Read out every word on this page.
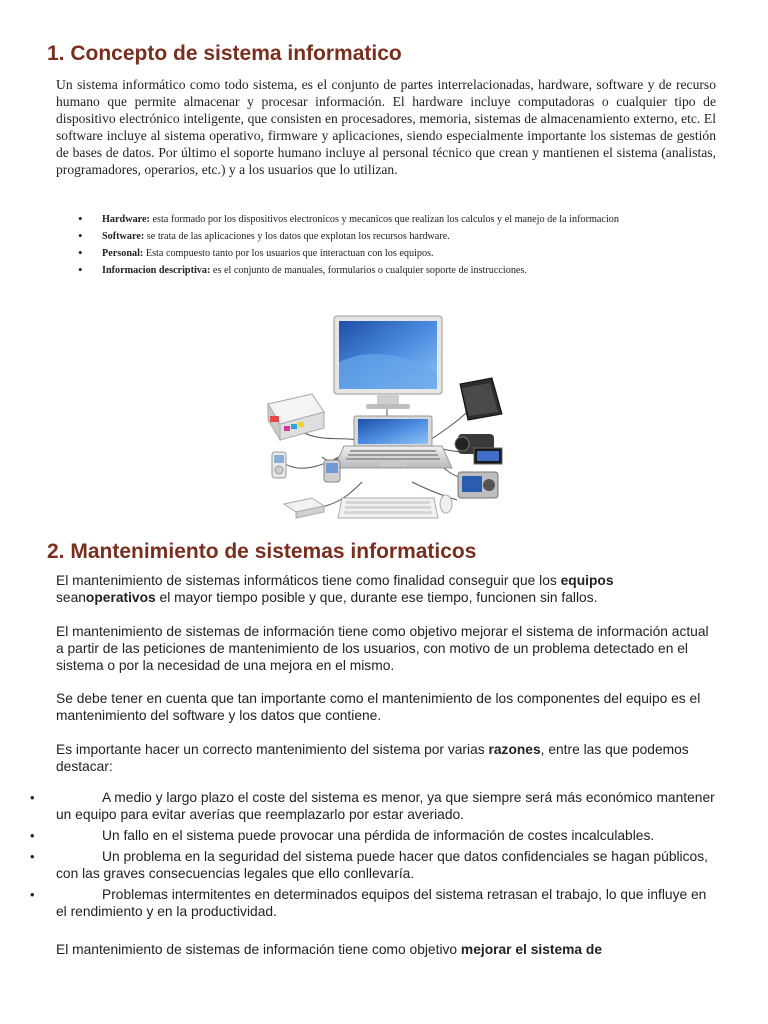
1. Concepto de sistema informatico

Un sistema informático como todo sistema, es el conjunto de partes interrelacionadas, hardware, software y de recurso humano que permite almacenar y procesar información. El hardware incluye computadoras o cualquier tipo de dispositivo electrónico inteligente, que consisten en procesadores, memoria, sistemas de almacenamiento externo, etc. El software incluye al sistema operativo, firmware y aplicaciones, siendo especialmente importante los sistemas de gestión de bases de datos. Por último el soporte humano incluye al personal técnico que crean y mantienen el sistema (analistas, programadores, operarios, etc.) y a los usuarios que lo utilizan.

• Hardware: esta formado por los dispositivos electronicos y mecanicos que realizan los calculos y el manejo de la informacion
• Software: se trata de las aplicaciones y los datos que explotan los recursos hardware.
• Personal: Esta compuesto tanto por los usuarios que interactuan con los equipos.
• Informacion descriptiva: es el conjunto de manuales, formularios o cualquier soporte de instrucciones.
2. Mantenimiento de sistemas informaticos

El mantenimiento de sistemas informáticos tiene como finalidad conseguir que los equipos seanoperativos el mayor tiempo posible y que, durante ese tiempo, funcionen sin fallos.

El mantenimiento de sistemas de información tiene como objetivo mejorar el sistema de información actual a partir de las peticiones de mantenimiento de los usuarios, con motivo de un problema detectado en el sistema o por la necesidad de una mejora en el mismo.

Se debe tener en cuenta que tan importante como el mantenimiento de los componentes del equipo es el mantenimiento del software y los datos que contiene.

Es importante hacer un correcto mantenimiento del sistema por varias razones, entre las que podemos destacar:

• A medio y largo plazo el coste del sistema es menor, ya que siempre será más económico mantener un equipo para evitar averías que reemplazarlo por estar averiado.
• Un fallo en el sistema puede provocar una pérdida de información de costes incalculables.
• Un problema en la seguridad del sistema puede hacer que datos confidenciales se hagan públicos, con las graves consecuencias legales que ello conllevaría.
• Problemas intermitentes en determinados equipos del sistema retrasan el trabajo, lo que influye en el rendimiento y en la productividad.

El mantenimiento de sistemas de información tiene como objetivo mejorar el sistema de
